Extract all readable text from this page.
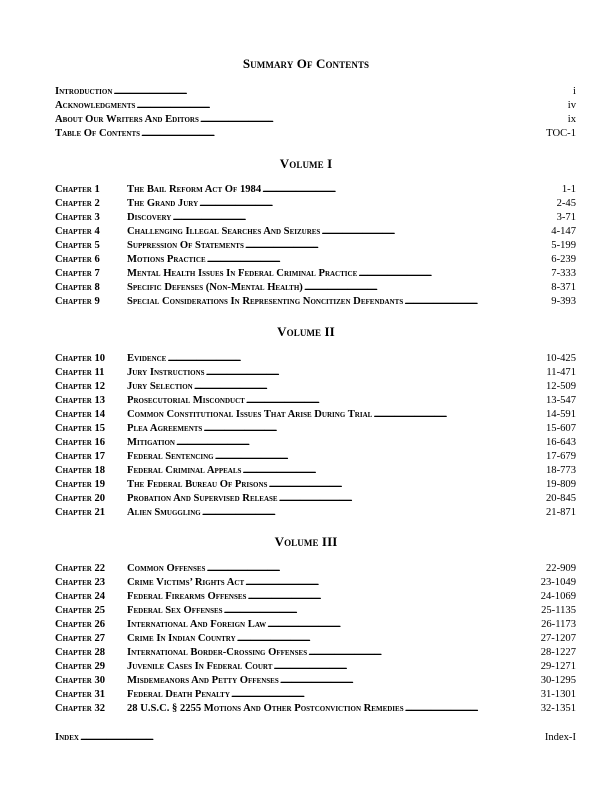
Summary Of Contents
Introduction . . .	i
Acknowledgments . . .	iv
About Our Writers And Editors . . .	ix
Table Of Contents . . .	TOC-1
Volume I
Chapter 1	The Bail Reform Act Of 1984 . . .	1-1
Chapter 2	The Grand Jury . . .	2-45
Chapter 3	Discovery . . .	3-71
Chapter 4	Challenging Illegal Searches And Seizures . . .	4-147
Chapter 5	Suppression Of Statements . . .	5-199
Chapter 6	Motions Practice . . .	6-239
Chapter 7	Mental Health Issues In Federal Criminal Practice . . .	7-333
Chapter 8	Specific Defenses (Non-Mental Health) . . .	8-371
Chapter 9	Special Considerations In Representing Noncitizen Defendants . . .	9-393
Volume II
Chapter 10	Evidence . . .	10-425
Chapter 11	Jury Instructions . . .	11-471
Chapter 12	Jury Selection . . .	12-509
Chapter 13	Prosecutorial Misconduct . . .	13-547
Chapter 14	Common Constitutional Issues That Arise During Trial . . .	14-591
Chapter 15	Plea Agreements . . .	15-607
Chapter 16	Mitigation . . .	16-643
Chapter 17	Federal Sentencing . . .	17-679
Chapter 18	Federal Criminal Appeals . . .	18-773
Chapter 19	The Federal Bureau Of Prisons . . .	19-809
Chapter 20	Probation And Supervised Release . . .	20-845
Chapter 21	Alien Smuggling . . .	21-871
Volume III
Chapter 22	Common Offenses . . .	22-909
Chapter 23	Crime Victims’ Rights Act . . .	23-1049
Chapter 24	Federal Firearms Offenses . . .	24-1069
Chapter 25	Federal Sex Offenses . . .	25-1135
Chapter 26	International And Foreign Law . . .	26-1173
Chapter 27	Crime In Indian Country . . .	27-1207
Chapter 28	International Border-Crossing Offenses . . .	28-1227
Chapter 29	Juvenile Cases In Federal Court . . .	29-1271
Chapter 30	Misdemeanors And Petty Offenses . . .	30-1295
Chapter 31	Federal Death Penalty . . .	31-1301
Chapter 32	28 U.S.C. § 2255 Motions And Other Postconviction Remedies . . .	32-1351
Index . . .	Index-I
